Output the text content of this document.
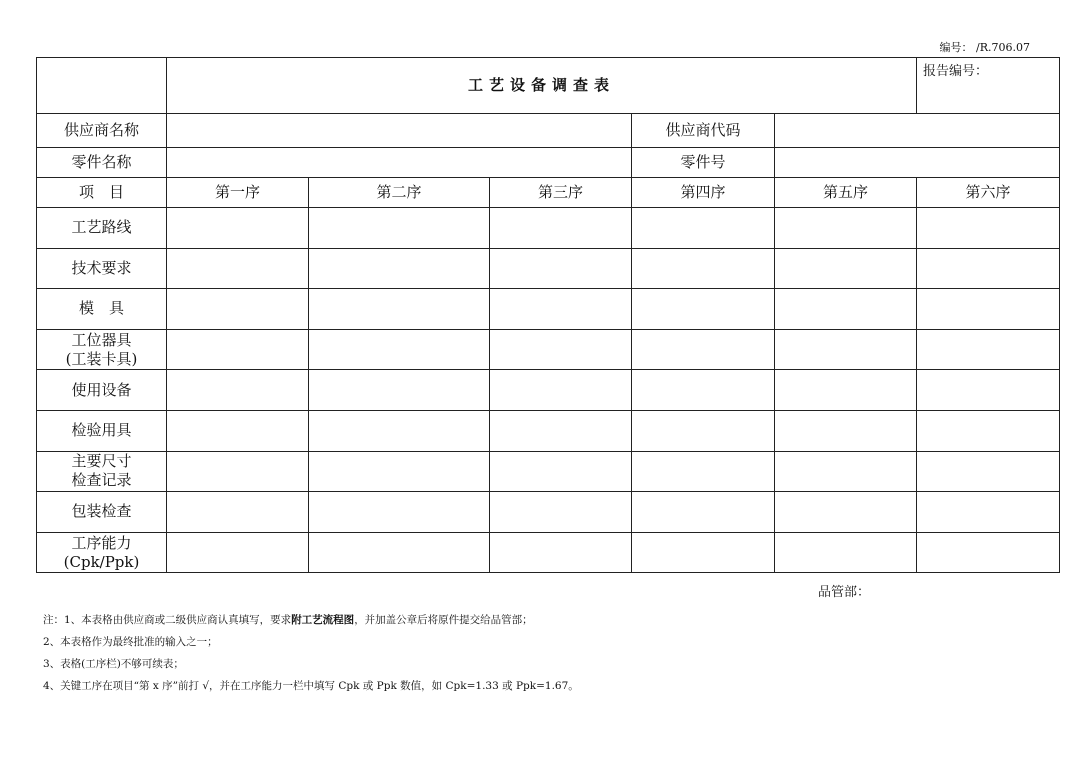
编号： /R.706.07
	工艺设备调查表					报告编号：
供应商名称				供应商代码		
零件名称				零件号		
项　目	第一序	第二序	第三序	第四序	第五序	第六序

工艺路线						

技术要求						

模　具						

工位器具
(工装卡具)						

使用设备						

检验用具						

主要尺寸
检查记录						

包装检查						

工序能力
(Cpk/Ppk)						

品管部：
注：1、本表格由供应商或二级供应商认真填写，要求附工艺流程图，并加盖公章后将原件提交给品管部；
2、本表格作为最终批准的输入之一；
3、表格(工序栏)不够可续表；
4、关键工序在项目“第 x 序”前打 √，并在工序能力一栏中填写 Cpk 或 Ppk 数值，如 Cpk=1.33 或 Ppk=1.67。
